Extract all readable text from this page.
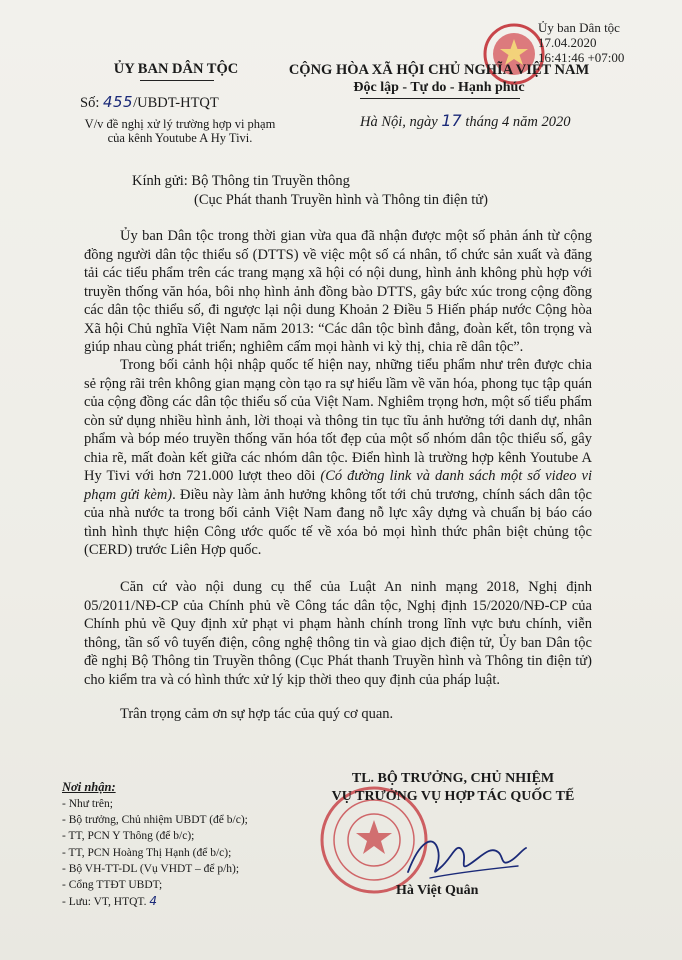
Ủy ban Dân tộc
17.04.2020
16:41:46 +07:00
ỦY BAN DÂN TỘC
Số: 455/UBDT-HTQT
V/v đề nghị xử lý trường hợp vi phạm
của kênh Youtube A Hy Tivi.
CỘNG HÒA XÃ HỘI CHỦ NGHĨA VIỆT NAM
Độc lập - Tự do - Hạnh phúc
Hà Nội, ngày 17 tháng 4 năm 2020
Kính gửi: Bộ Thông tin Truyền thông
(Cục Phát thanh Truyền hình và Thông tin điện tử)
Ủy ban Dân tộc trong thời gian vừa qua đã nhận được một số phản ánh từ cộng đồng người dân tộc thiểu số (DTTS) về việc một số cá nhân, tổ chức sản xuất và đăng tải các tiểu phẩm trên các trang mạng xã hội có nội dung, hình ảnh không phù hợp với truyền thống văn hóa, bôi nhọ hình ảnh đồng bào DTTS, gây bức xúc trong cộng đồng các dân tộc thiểu số, đi ngược lại nội dung Khoản 2 Điều 5 Hiến pháp nước Cộng hòa Xã hội Chủ nghĩa Việt Nam năm 2013: “Các dân tộc bình đẳng, đoàn kết, tôn trọng và giúp nhau cùng phát triển; nghiêm cấm mọi hành vi kỳ thị, chia rẽ dân tộc”.
Trong bối cảnh hội nhập quốc tế hiện nay, những tiểu phẩm như trên được chia sẻ rộng rãi trên không gian mạng còn tạo ra sự hiểu lầm về văn hóa, phong tục tập quán của cộng đồng các dân tộc thiểu số của Việt Nam. Nghiêm trọng hơn, một số tiểu phẩm còn sử dụng nhiều hình ảnh, lời thoại và thông tin tục tĩu ảnh hưởng tới danh dự, nhân phẩm và bóp méo truyền thống văn hóa tốt đẹp của một số nhóm dân tộc thiểu số, gây chia rẽ, mất đoàn kết giữa các nhóm dân tộc. Điển hình là trường hợp kênh Youtube A Hy Tivi với hơn 721.000 lượt theo dõi (Có đường link và danh sách một số video vi phạm gửi kèm). Điều này làm ảnh hưởng không tốt tới chủ trương, chính sách dân tộc của nhà nước ta trong bối cảnh Việt Nam đang nỗ lực xây dựng và chuẩn bị báo cáo tình hình thực hiện Công ước quốc tế về xóa bỏ mọi hình thức phân biệt chủng tộc (CERD) trước Liên Hợp quốc.
Căn cứ vào nội dung cụ thể của Luật An ninh mạng 2018, Nghị định 05/2011/NĐ-CP của Chính phủ về Công tác dân tộc, Nghị định 15/2020/NĐ-CP của Chính phủ về Quy định xử phạt vi phạm hành chính trong lĩnh vực bưu chính, viễn thông, tần số vô tuyến điện, công nghệ thông tin và giao dịch điện tử, Ủy ban Dân tộc đề nghị Bộ Thông tin Truyền thông (Cục Phát thanh Truyền hình và Thông tin điện tử) cho kiểm tra và có hình thức xử lý kịp thời theo quy định của pháp luật.
Trân trọng cảm ơn sự hợp tác của quý cơ quan.
Nơi nhận:
- Như trên;
- Bộ trưởng, Chủ nhiệm UBDT (để b/c);
- TT, PCN Y Thông (để b/c);
- TT, PCN Hoàng Thị Hạnh (để b/c);
- Bộ VH-TT-DL (Vụ VHDT – để p/h);
- Cổng TTĐT UBDT;
- Lưu: VT, HTQT. 4
TL. BỘ TRƯỞNG, CHỦ NHIỆM
VỤ TRƯỞNG VỤ HỢP TÁC QUỐC TẾ
Hà Việt Quân
